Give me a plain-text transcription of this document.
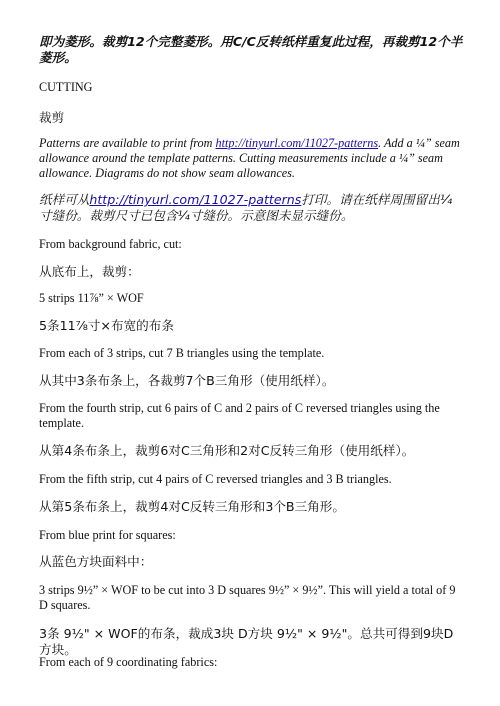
即为菱形。裁剪12个完整菱形。用C/C反转纸样重复此过程，再裁剪12个半菱形。

CUTTING

裁剪

Patterns are available to print from http://tinyurl.com/11027-patterns. Add a ¼” seam allowance around the template patterns. Cutting measurements include a ¼” seam allowance. Diagrams do not show seam allowances.

纸样可从http://tinyurl.com/11027-patterns打印。请在纸样周围留出¼寸缝份。裁剪尺寸已包含¼寸缝份。示意图未显示缝份。

From background fabric, cut:

从底布上，裁剪：

5 strips 11⅞” × WOF

5条11⅞寸×布宽的布条

From each of 3 strips, cut 7 B triangles using the template.

从其中3条布条上，各裁剪7个B三角形（使用纸样）。

From the fourth strip, cut 6 pairs of C and 2 pairs of C reversed triangles using the template.

从第4条布条上，裁剪6对C三角形和2对C反转三角形（使用纸样）。

From the fifth strip, cut 4 pairs of C reversed triangles and 3 B triangles.

从第5条布条上，裁剪4对C反转三角形和3个B三角形。

From blue print for squares:

从蓝色方块面料中：

3 strips 9½” × WOF to be cut into 3 D squares 9½” × 9½”. This will yield a total of 9 D squares.

3条 9½" × WOF的布条，裁成3块 D方块 9½" × 9½"。总共可得到9块D方块。

From each of 9 coordinating fabrics:
